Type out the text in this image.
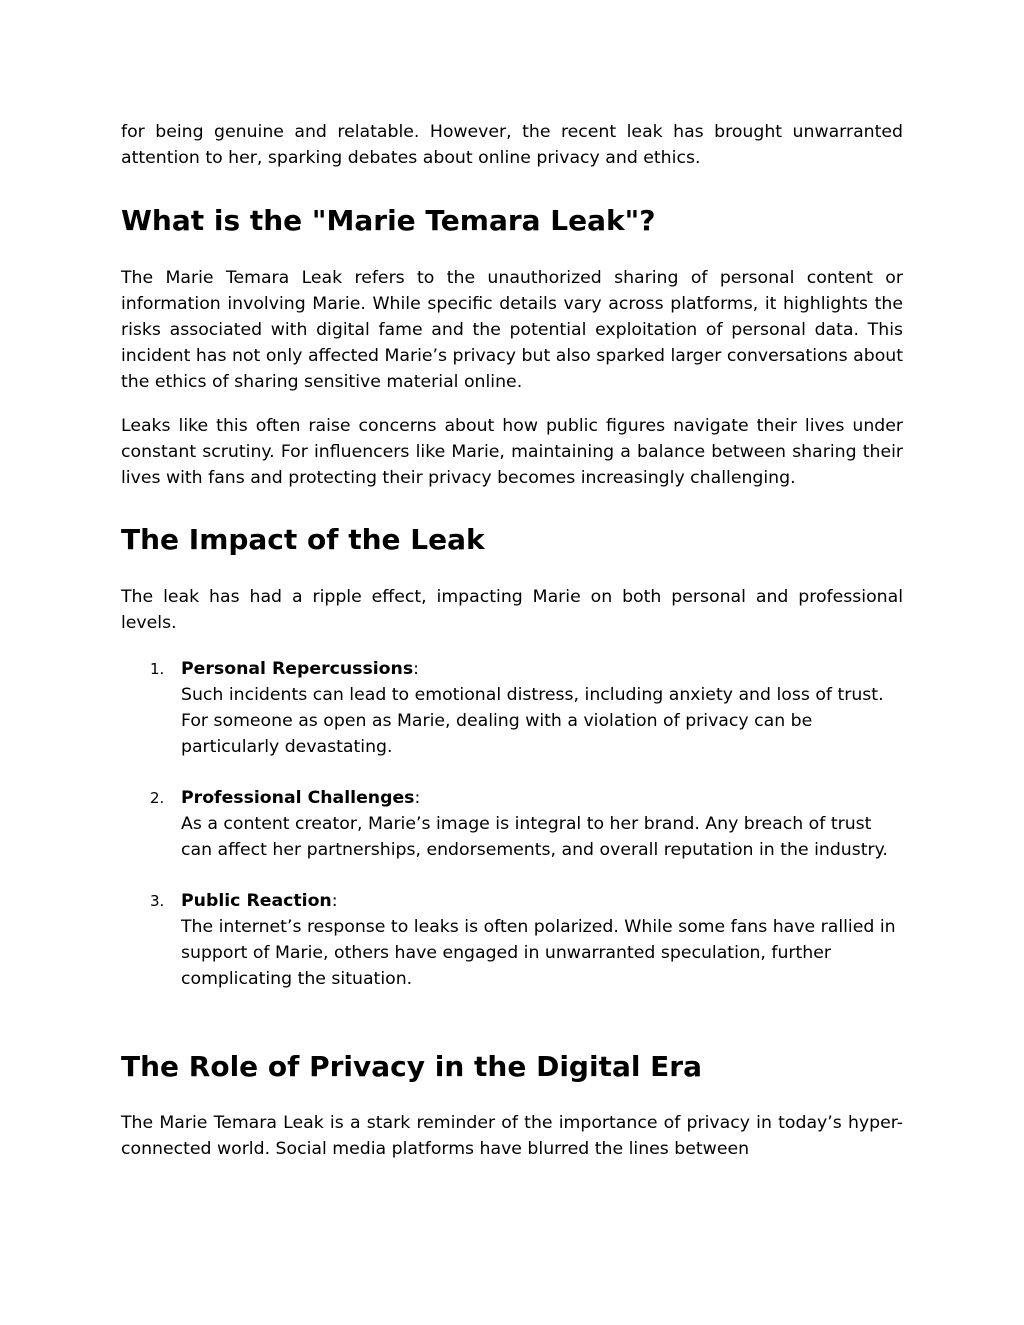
for being genuine and relatable. However, the recent leak has brought unwarranted attention to her, sparking debates about online privacy and ethics.

What is the "Marie Temara Leak"?

The Marie Temara Leak refers to the unauthorized sharing of personal content or information involving Marie. While specific details vary across platforms, it highlights the risks associated with digital fame and the potential exploitation of personal data. This incident has not only affected Marie’s privacy but also sparked larger conversations about the ethics of sharing sensitive material online.

Leaks like this often raise concerns about how public figures navigate their lives under constant scrutiny. For influencers like Marie, maintaining a balance between sharing their lives with fans and protecting their privacy becomes increasingly challenging.

The Impact of the Leak

The leak has had a ripple effect, impacting Marie on both personal and professional levels.

1. Personal Repercussions:
Such incidents can lead to emotional distress, including anxiety and loss of trust. For someone as open as Marie, dealing with a violation of privacy can be particularly devastating.
2. Professional Challenges:
As a content creator, Marie’s image is integral to her brand. Any breach of trust can affect her partnerships, endorsements, and overall reputation in the industry.
3. Public Reaction:
The internet’s response to leaks is often polarized. While some fans have rallied in support of Marie, others have engaged in unwarranted speculation, further complicating the situation.
The Role of Privacy in the Digital Era

The Marie Temara Leak is a stark reminder of the importance of privacy in today’s hyper-connected world. Social media platforms have blurred the lines between
